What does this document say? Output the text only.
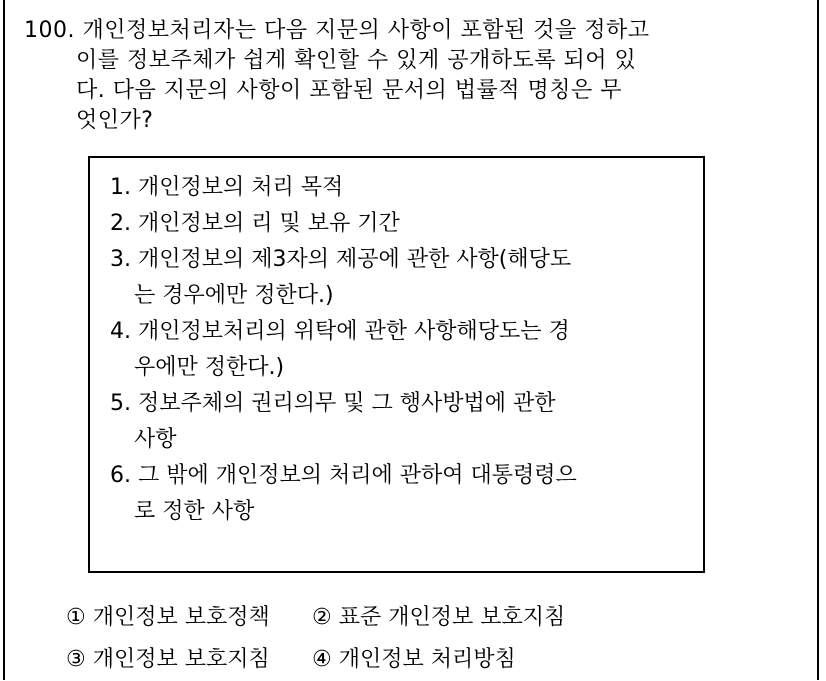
100. 개인정보처리자는 다음 지문의 사항이 포함된 것을 정하고
이를 정보주체가 쉽게 확인할 수 있게 공개하도록 되어 있
다. 다음 지문의 사항이 포함된 문서의 법률적 명칭은 무
엇인가?
1. 개인정보의 처리 목적
2. 개인정보의 리 및 보유 기간
3. 개인정보의 제3자의 제공에 관한 사항(해당도
는 경우에만 정한다.)
4. 개인정보처리의 위탁에 관한 사항해당도는 경
우에만 정한다.)
5. 정보주체의 권리의무 및 그 행사방법에 관한
사항
6. 그 밖에 개인정보의 처리에 관하여 대통령령으
로 정한 사항
① 개인정보 보호정책	② 표준 개인정보 보호지침
③ 개인정보 보호지침	④ 개인정보 처리방침
